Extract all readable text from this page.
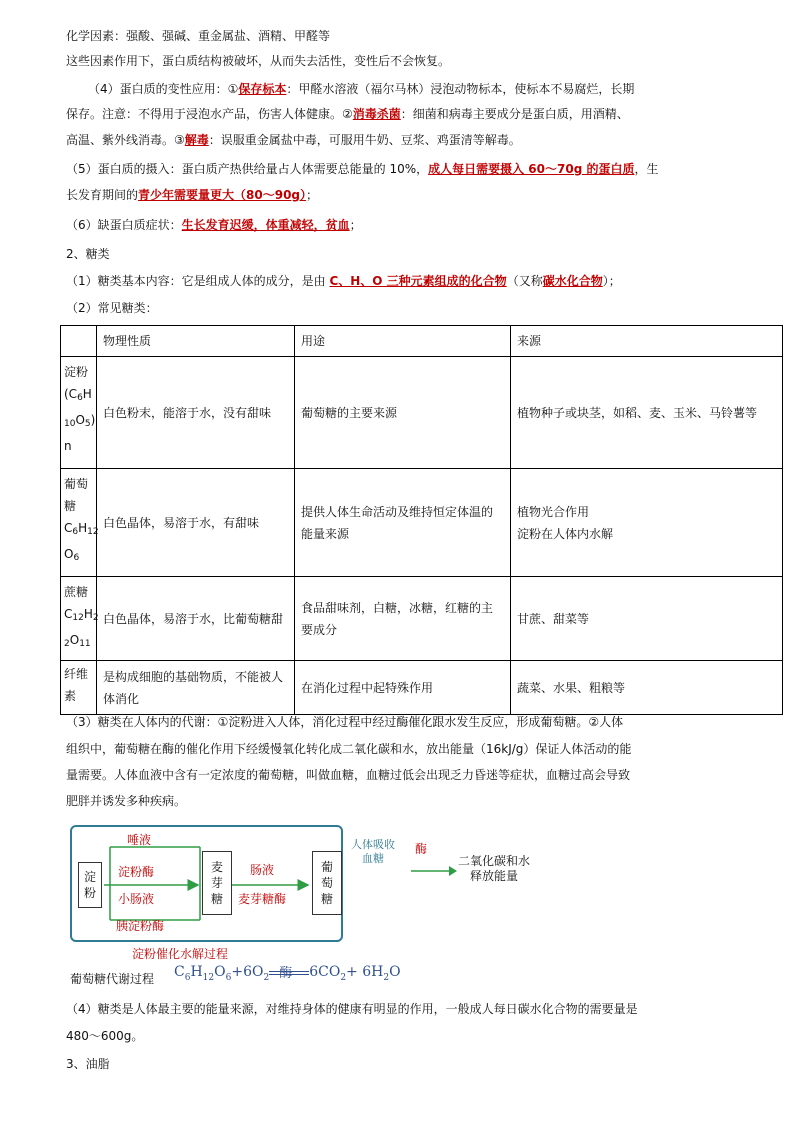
化学因素：强酸、强碱、重金属盐、酒精、甲醛等
这些因素作用下，蛋白质结构被破坏，从而失去活性，变性后不会恢复。
（4）蛋白质的变性应用：①保存标本：甲醛水溶液（福尔马林）浸泡动物标本，使标本不易腐烂，长期
保存。注意：不得用于浸泡水产品，伤害人体健康。②消毒杀菌：细菌和病毒主要成分是蛋白质，用酒精、
高温、紫外线消毒。③解毒：误服重金属盐中毒，可服用牛奶、豆浆、鸡蛋清等解毒。
（5）蛋白质的摄入：蛋白质产热供给量占人体需要总能量的 10%，成人每日需要摄入 60～70g 的蛋白质，生
长发育期间的青少年需要量更大（80～90g）；
（6）缺蛋白质症状：生长发育迟缓，体重减轻，贫血；
2、糖类
（1）糖类基本内容：它是组成人体的成分，是由 C、H、O 三种元素组成的化合物（又称碳水化合物）；
（2）常见糖类：
	物理性质	用途	来源
淀粉
($C_6H$
$_{10}O_5$)
n	白色粉末，能溶于水，没有甜味	葡萄糖的主要来源	植物种子或块茎，如稻、麦、玉米、马铃薯等
葡萄
糖
$C_6H_{12}$
$O_6$	白色晶体，易溶于水，有甜味	提供人体生命活动及维持恒定体温的能量来源	植物光合作用
淀粉在人体内水解
蔗糖
$C_{12}H_2$
$_2O_{11}$	白色晶体，易溶于水，比葡萄糖甜	食品甜味剂，白糖，冰糖，红糖的主要成分	甘蔗、甜菜等
纤维
素	是构成细胞的基础物质，不能被人体消化	在消化过程中起特殊作用	蔬菜、水果、粗粮等
（3）糖类在人体内的代谢：①淀粉进入人体，消化过程中经过酶催化跟水发生反应，形成葡萄糖。②人体
组织中，葡萄糖在酶的催化作用下经缓慢氧化转化成二氧化碳和水，放出能量（16kJ/g）保证人体活动的能
量需要。人体血液中含有一定浓度的葡萄糖，叫做血糖，血糖过低会出现乏力昏迷等症状，血糖过高会导致
肥胖并诱发多种疾病。
淀粉
唾液
淀粉酶
小肠液
胰淀粉酶
麦芽糖
肠液
麦芽糖酶
葡萄糖
人体吸收
血糖
酶
二氧化碳和水
释放能量
淀粉催化水解过程
葡萄糖代谢过程	$C_6H_{12}O_6+6O_2$ 酶 $6CO_2+ 6H_2O$
（4）糖类是人体最主要的能量来源，对维持身体的健康有明显的作用，一般成人每日碳水化合物的需要量是
480～600g。
3、油脂
